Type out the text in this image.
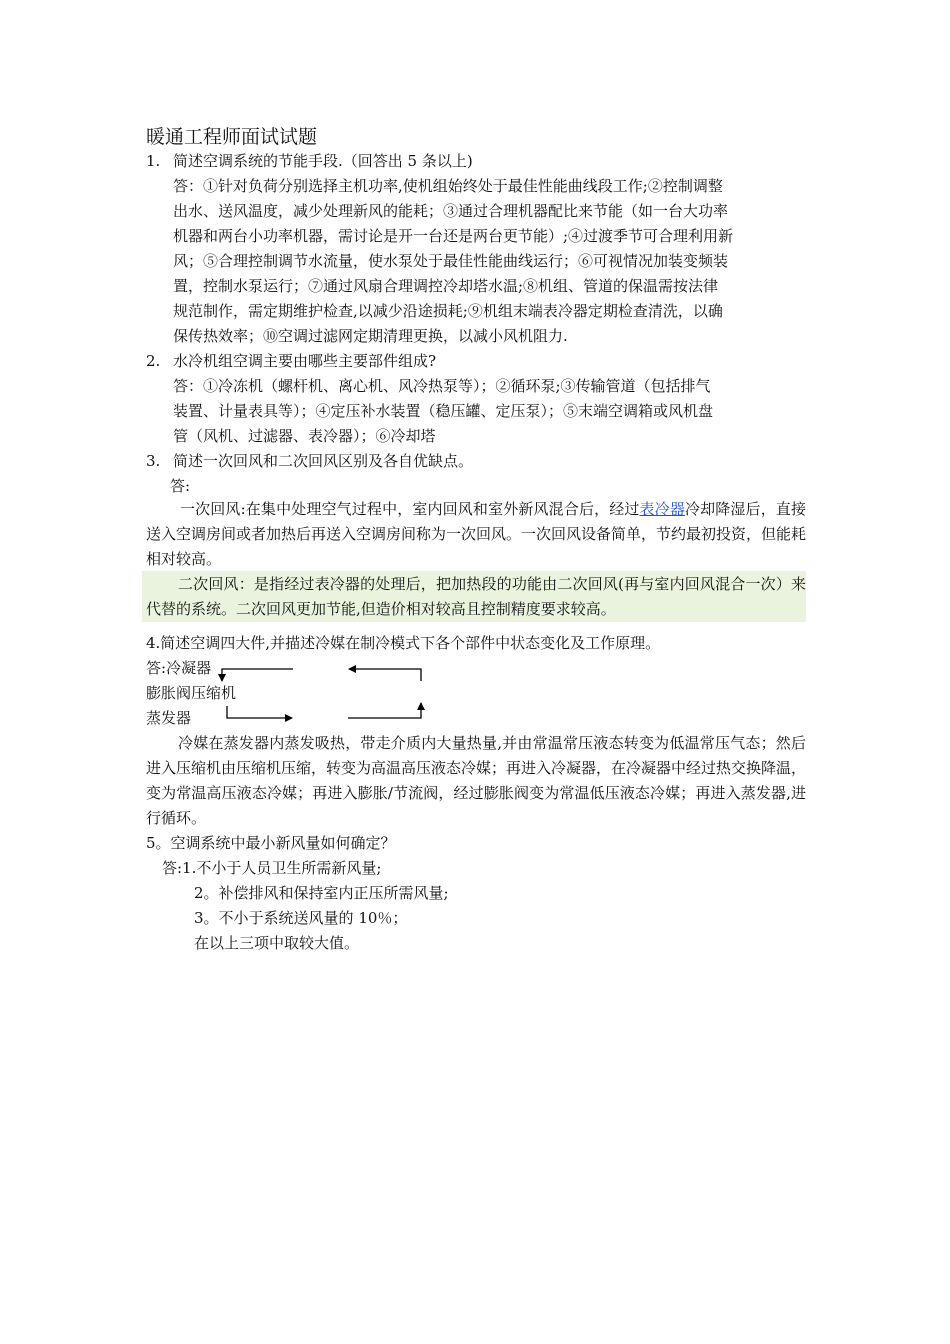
暖通工程师面试试题
1. 简述空调系统的节能手段.（回答出 5 条以上)
答：①针对负荷分别选择主机功率,使机组始终处于最佳性能曲线段工作;②控制调整
出水、送风温度，减少处理新风的能耗；③通过合理机器配比来节能（如一台大功率
机器和两台小功率机器，需讨论是开一台还是两台更节能）;④过渡季节可合理利用新
风；⑤合理控制调节水流量，使水泵处于最佳性能曲线运行；⑥可视情况加装变频装
置，控制水泵运行；⑦通过风扇合理调控冷却塔水温;⑧机组、管道的保温需按法律
规范制作，需定期维护检查,以减少沿途损耗;⑨机组末端表冷器定期检查清洗，以确
保传热效率；⑩空调过滤网定期清理更换，以减小风机阻力.
2. 水冷机组空调主要由哪些主要部件组成?
答：①冷冻机（螺杆机、离心机、风冷热泵等）；②循环泵;③传输管道（包括排气
装置、计量表具等）；④定压补水装置（稳压罐、定压泵）；⑤末端空调箱或风机盘
管（风机、过滤器、表冷器）；⑥冷却塔
3. 简述一次回风和二次回风区别及各自优缺点。
答:
一次回风:在集中处理空气过程中，室内回风和室外新风混合后，经过表冷器冷却降湿后，直接送入空调房间或者加热后再送入空调房间称为一次回风。一次回风设备简单，节约最初投资，但能耗相对较高。
二次回风：是指经过表冷器的处理后，把加热段的功能由二次回风(再与室内回风混合一次）来代替的系统。二次回风更加节能,但造价相对较高且控制精度要求较高。
4.简述空调四大件,并描述冷媒在制冷模式下各个部件中状态变化及工作原理。
答:冷凝器
膨胀阀压缩机
蒸发器
冷媒在蒸发器内蒸发吸热，带走介质内大量热量,并由常温常压液态转变为低温常压气态；然后进入压缩机由压缩机压缩，转变为高温高压液态冷媒；再进入冷凝器，在冷凝器中经过热交换降温，变为常温高压液态冷媒；再进入膨胀/节流阀，经过膨胀阀变为常温低压液态冷媒；再进入蒸发器,进行循环。
5。空调系统中最小新风量如何确定？
答:1.不小于人员卫生所需新风量;
2。补偿排风和保持室内正压所需风量;
3。不小于系统送风量的 10％；
在以上三项中取较大值。
